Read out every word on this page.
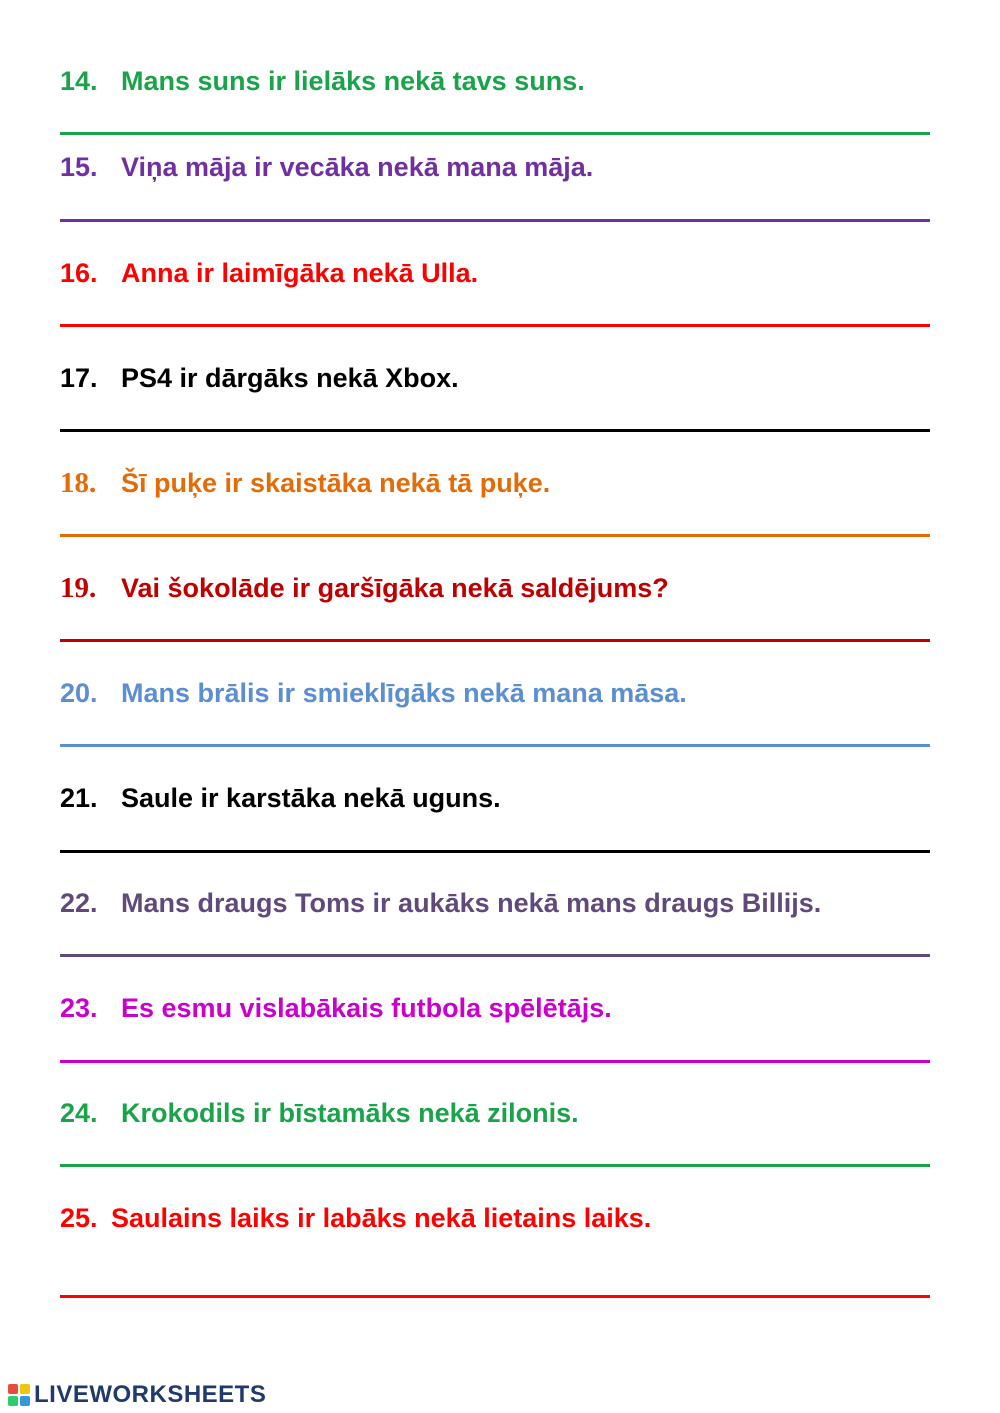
14. Mans suns ir lielāks nekā tavs suns.
15. Viņa māja ir vecāka nekā mana māja.
16. Anna ir laimīgāka nekā Ulla.
17. PS4 ir dārgāks nekā Xbox.
18. Šī puķe ir skaistāka nekā tā puķe.
19. Vai šokolāde ir garšīgāka nekā saldējums?
20. Mans brālis ir smieklīgāks nekā mana māsa.
21. Saule ir karstāka nekā uguns.
22. Mans draugs Toms ir aukāks nekā mans draugs Billijs.
23. Es esmu vislabākais futbola spēlētājs.
24. Krokodils ir bīstamāks nekā zilonis.
25. Saulains laiks ir labāks nekā lietains laiks.
LIVEWORKSHEETS
